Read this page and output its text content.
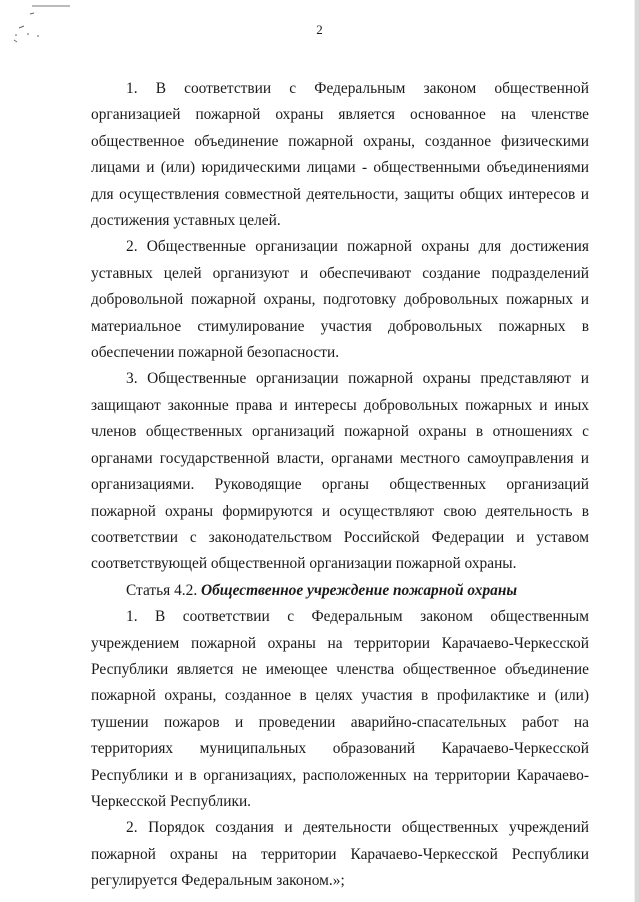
2

1. В соответствии с Федеральным законом общественной организацией пожарной охраны является основанное на членстве общественное объединение пожарной охраны, созданное физическими лицами и (или) юридическими лицами - общественными объединениями для осуществления совместной деятельности, защиты общих интересов и достижения уставных целей.

2. Общественные организации пожарной охраны для достижения уставных целей организуют и обеспечивают создание подразделений добровольной пожарной охраны, подготовку добровольных пожарных и материальное стимулирование участия добровольных пожарных в обеспечении пожарной безопасности.

3. Общественные организации пожарной охраны представляют и защищают законные права и интересы добровольных пожарных и иных членов общественных организаций пожарной охраны в отношениях с органами государственной власти, органами местного самоуправления и организациями. Руководящие органы общественных организаций пожарной охраны формируются и осуществляют свою деятельность в соответствии с законодательством Российской Федерации и уставом соответствующей общественной организации пожарной охраны.

Статья 4.2. Общественное учреждение пожарной охраны

1. В соответствии с Федеральным законом общественным учреждением пожарной охраны на территории Карачаево-Черкесской Республики является не имеющее членства общественное объединение пожарной охраны, созданное в целях участия в профилактике и (или) тушении пожаров и проведении аварийно-спасательных работ на территориях муниципальных образований Карачаево-Черкесской Республики и в организациях, расположенных на территории Карачаево-Черкесской Республики.

2. Порядок создания и деятельности общественных учреждений пожарной охраны на территории Карачаево-Черкесской Республики регулируется Федеральным законом.»;
